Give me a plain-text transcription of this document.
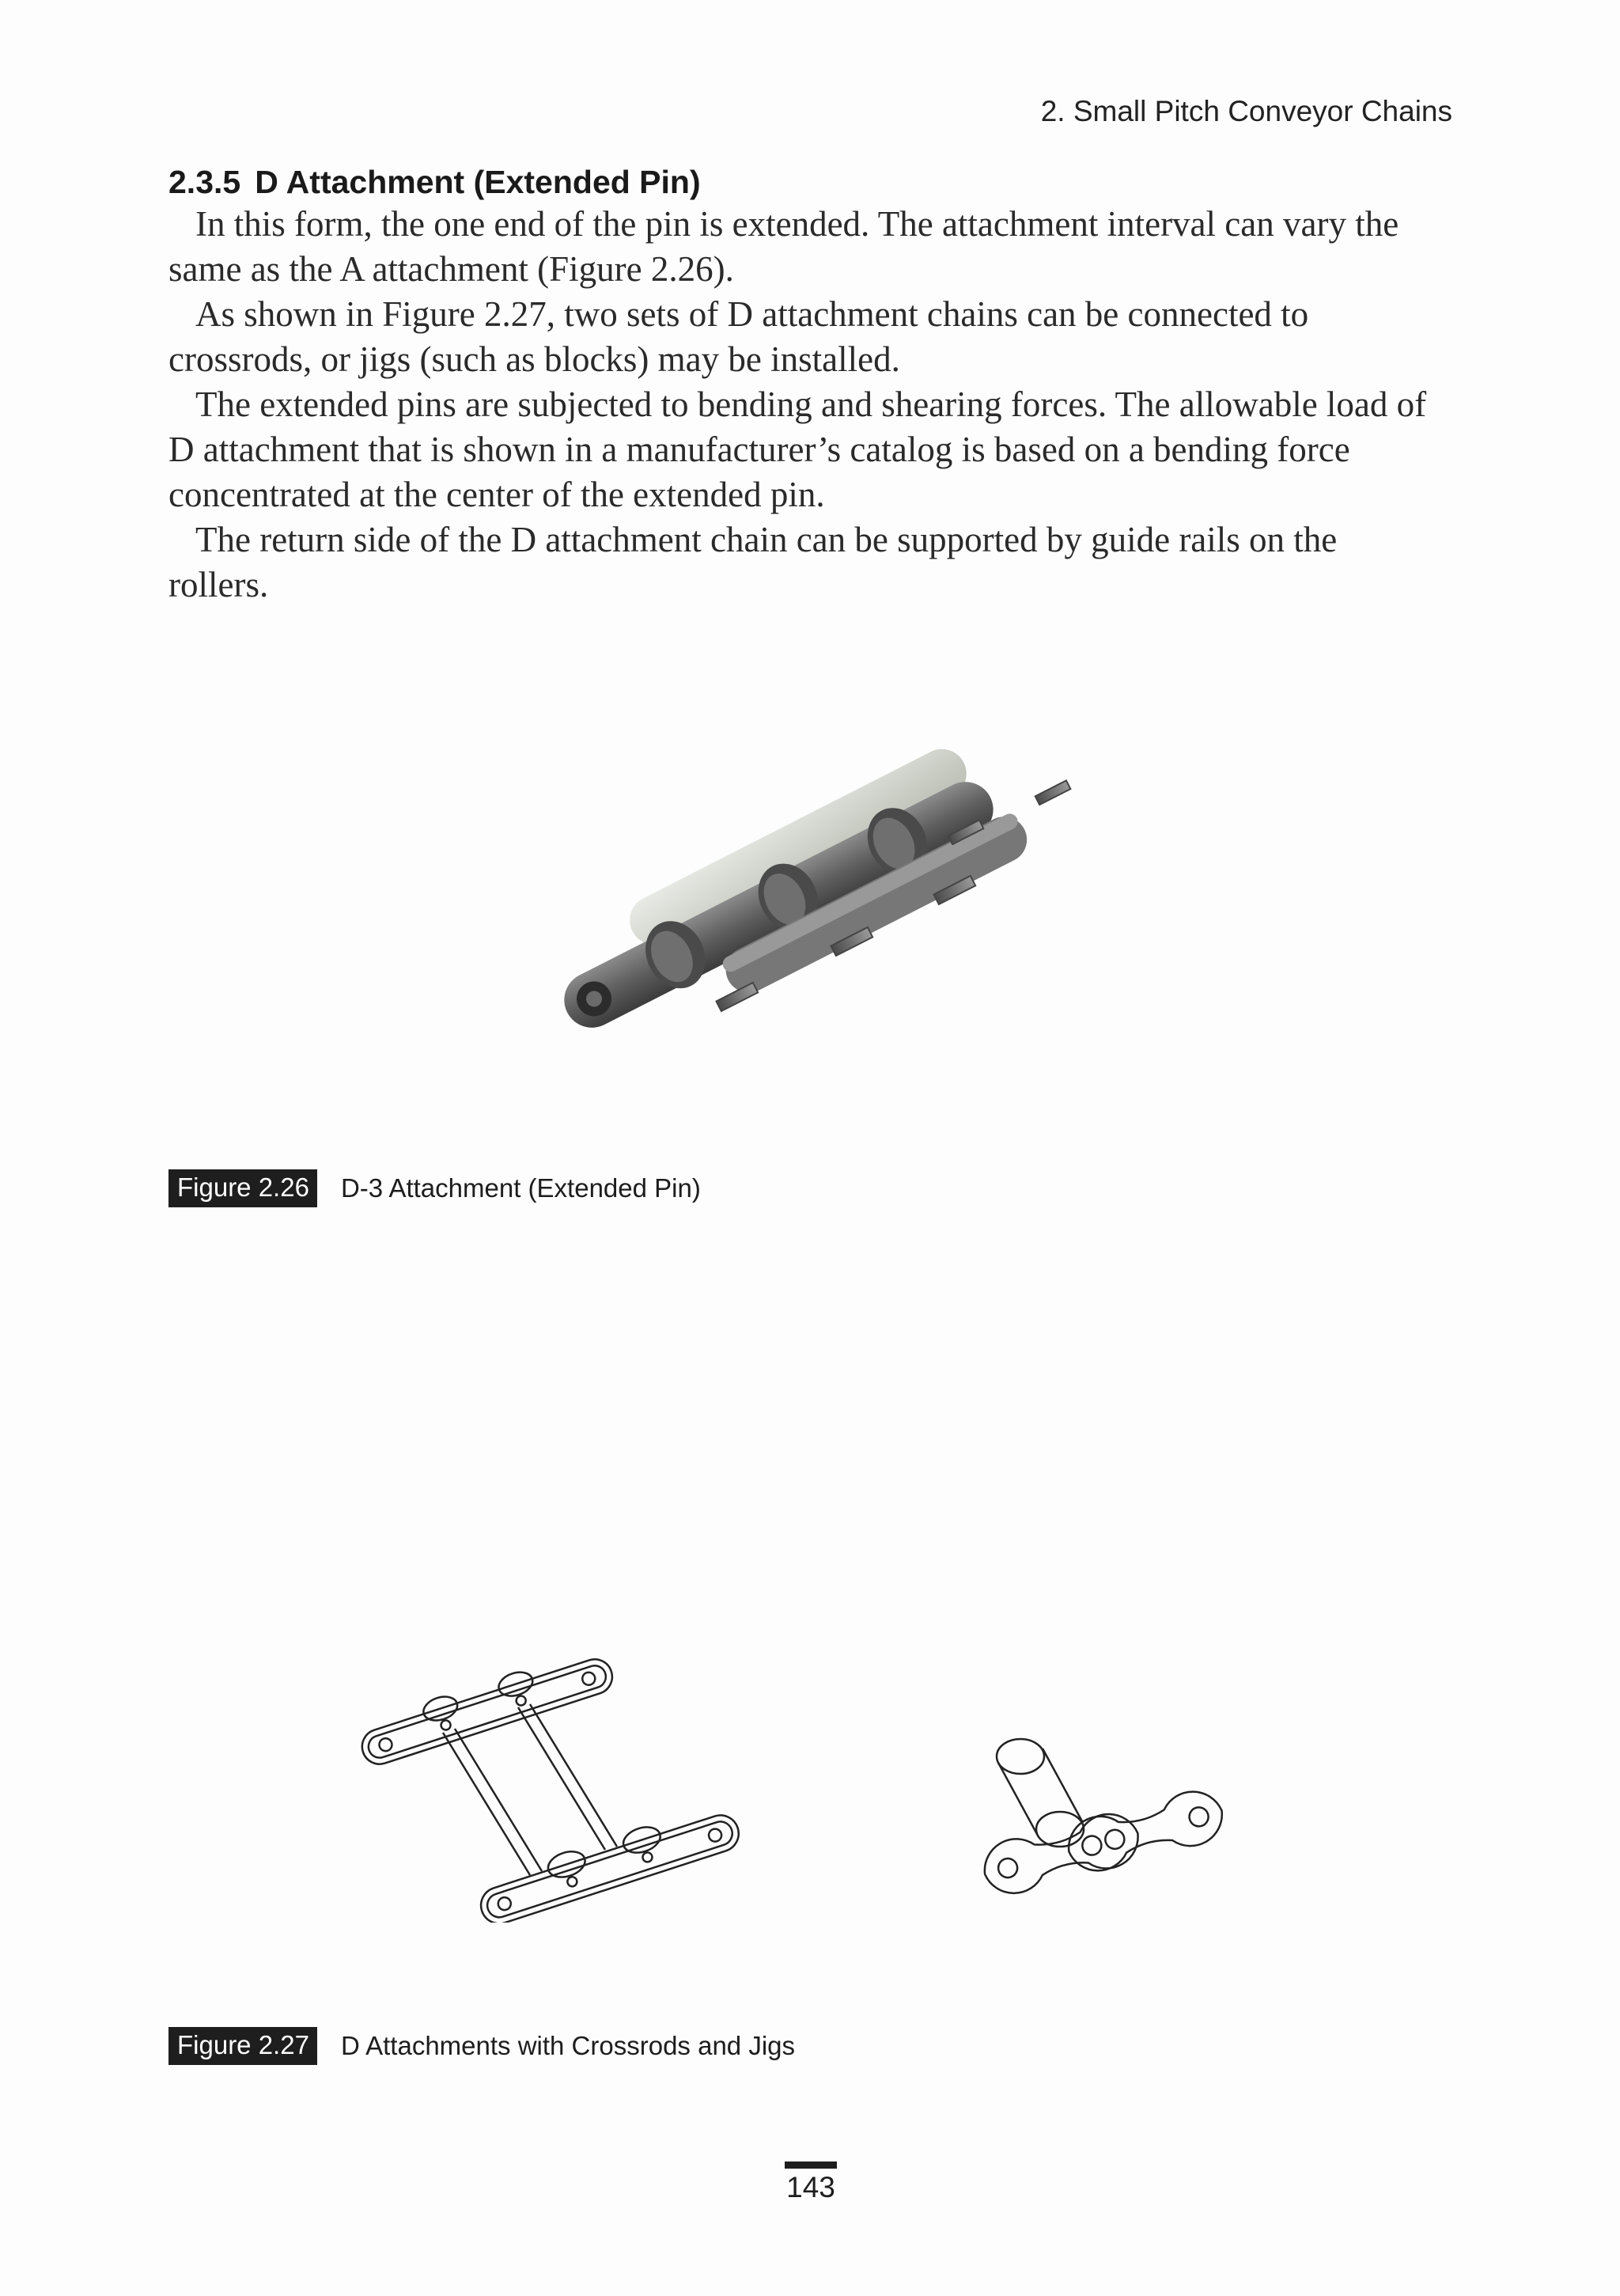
2. Small Pitch Conveyor Chains
2.3.5 D Attachment (Extended Pin)

In this form, the one end of the pin is extended. The attachment interval can vary the same as the A attachment (Figure 2.26).

As shown in Figure 2.27, two sets of D attachment chains can be connected to crossrods, or jigs (such as blocks) may be installed.

The extended pins are subjected to bending and shearing forces. The allowable load of D attachment that is shown in a manufacturer’s catalog is based on a bending force concentrated at the center of the extended pin.

The return side of the D attachment chain can be supported by guide rails on the rollers.

Figure 2.26	D-3 Attachment (Extended Pin)
Figure 2.27	D Attachments with Crossrods and Jigs
143
